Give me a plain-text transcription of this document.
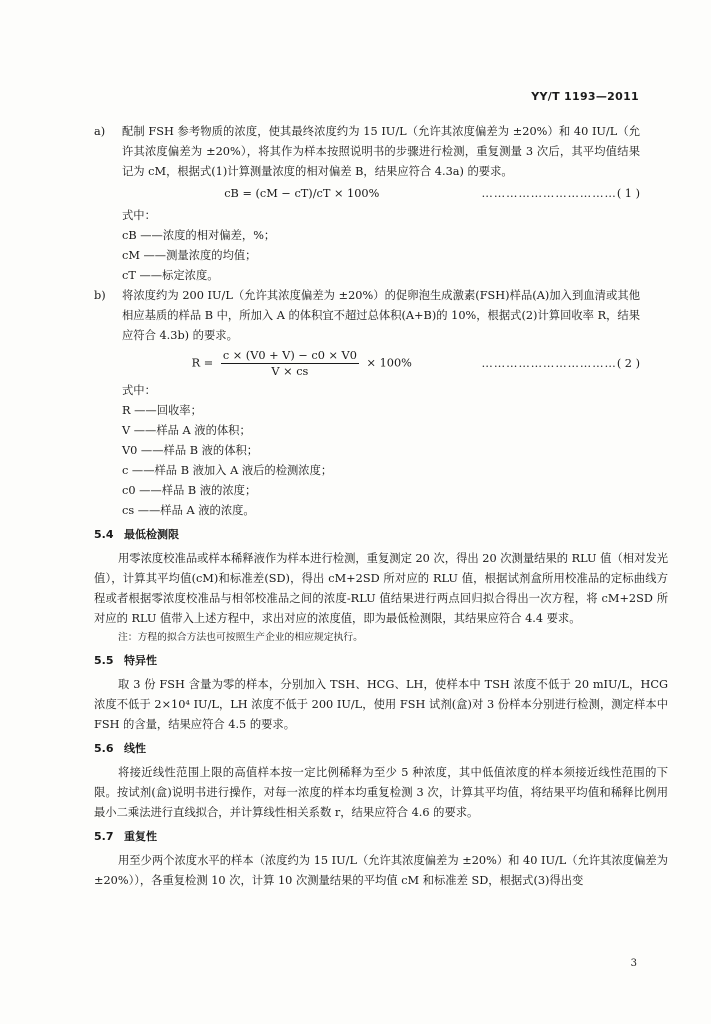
YY/T 1193—2011
a) 配制 FSH 参考物质的浓度，使其最终浓度约为 15 IU/L（允许其浓度偏差为 ±20%）和 40 IU/L（允许其浓度偏差为 ±20%），将其作为样本按照说明书的步骤进行检测，重复测量 3 次后，其平均值结果记为 cM，根据式(1)计算测量浓度的相对偏差 B，结果应符合 4.3a) 的要求。

cB = (cM − cT)/cT × 100%	…………………………… ( 1 )
式中：
cB ——浓度的相对偏差，%；
cM ——测量浓度的均值；
cT ——标定浓度。
b) 将浓度约为 200 IU/L（允许其浓度偏差为 ±20%）的促卵泡生成激素(FSH)样品(A)加入到血清或其他相应基质的样品 B 中，所加入 A 的体积宜不超过总体积(A+B)的 10%，根据式(2)计算回收率 R，结果应符合 4.3b) 的要求。

$R = \frac{c \times (V0 + V) - c0 \times V0}{V \times cs} \times 100\%$	…………………………… ( 2 )
式中：
R ——回收率；
V ——样品 A 液的体积；
V0 ——样品 B 液的体积；
c ——样品 B 液加入 A 液后的检测浓度；
c0 ——样品 B 液的浓度；
cs ——样品 A 液的浓度。
5.4 最低检测限

用零浓度校准品或样本稀释液作为样本进行检测，重复测定 20 次，得出 20 次测量结果的 RLU 值（相对发光值），计算其平均值(cM)和标准差(SD)，得出 cM+2SD 所对应的 RLU 值，根据试剂盒所用校准品的定标曲线方程或者根据零浓度校准品与相邻校准品之间的浓度-RLU 值结果进行两点回归拟合得出一次方程，将 cM+2SD 所对应的 RLU 值带入上述方程中，求出对应的浓度值，即为最低检测限，其结果应符合 4.4 要求。

注：方程的拟合方法也可按照生产企业的相应规定执行。
5.5 特异性

取 3 份 FSH 含量为零的样本，分别加入 TSH、HCG、LH，使样本中 TSH 浓度不低于 20 mIU/L，HCG 浓度不低于 2×10⁴ IU/L，LH 浓度不低于 200 IU/L，使用 FSH 试剂(盒)对 3 份样本分别进行检测，测定样本中 FSH 的含量，结果应符合 4.5 的要求。

5.6 线性

将接近线性范围上限的高值样本按一定比例稀释为至少 5 种浓度，其中低值浓度的样本须接近线性范围的下限。按试剂(盒)说明书进行操作，对每一浓度的样本均重复检测 3 次，计算其平均值，将结果平均值和稀释比例用最小二乘法进行直线拟合，并计算线性相关系数 r，结果应符合 4.6 的要求。

5.7 重复性

用至少两个浓度水平的样本（浓度约为 15 IU/L（允许其浓度偏差为 ±20%）和 40 IU/L（允许其浓度偏差为 ±20%）），各重复检测 10 次，计算 10 次测量结果的平均值 cM 和标准差 SD，根据式(3)得出变

3
